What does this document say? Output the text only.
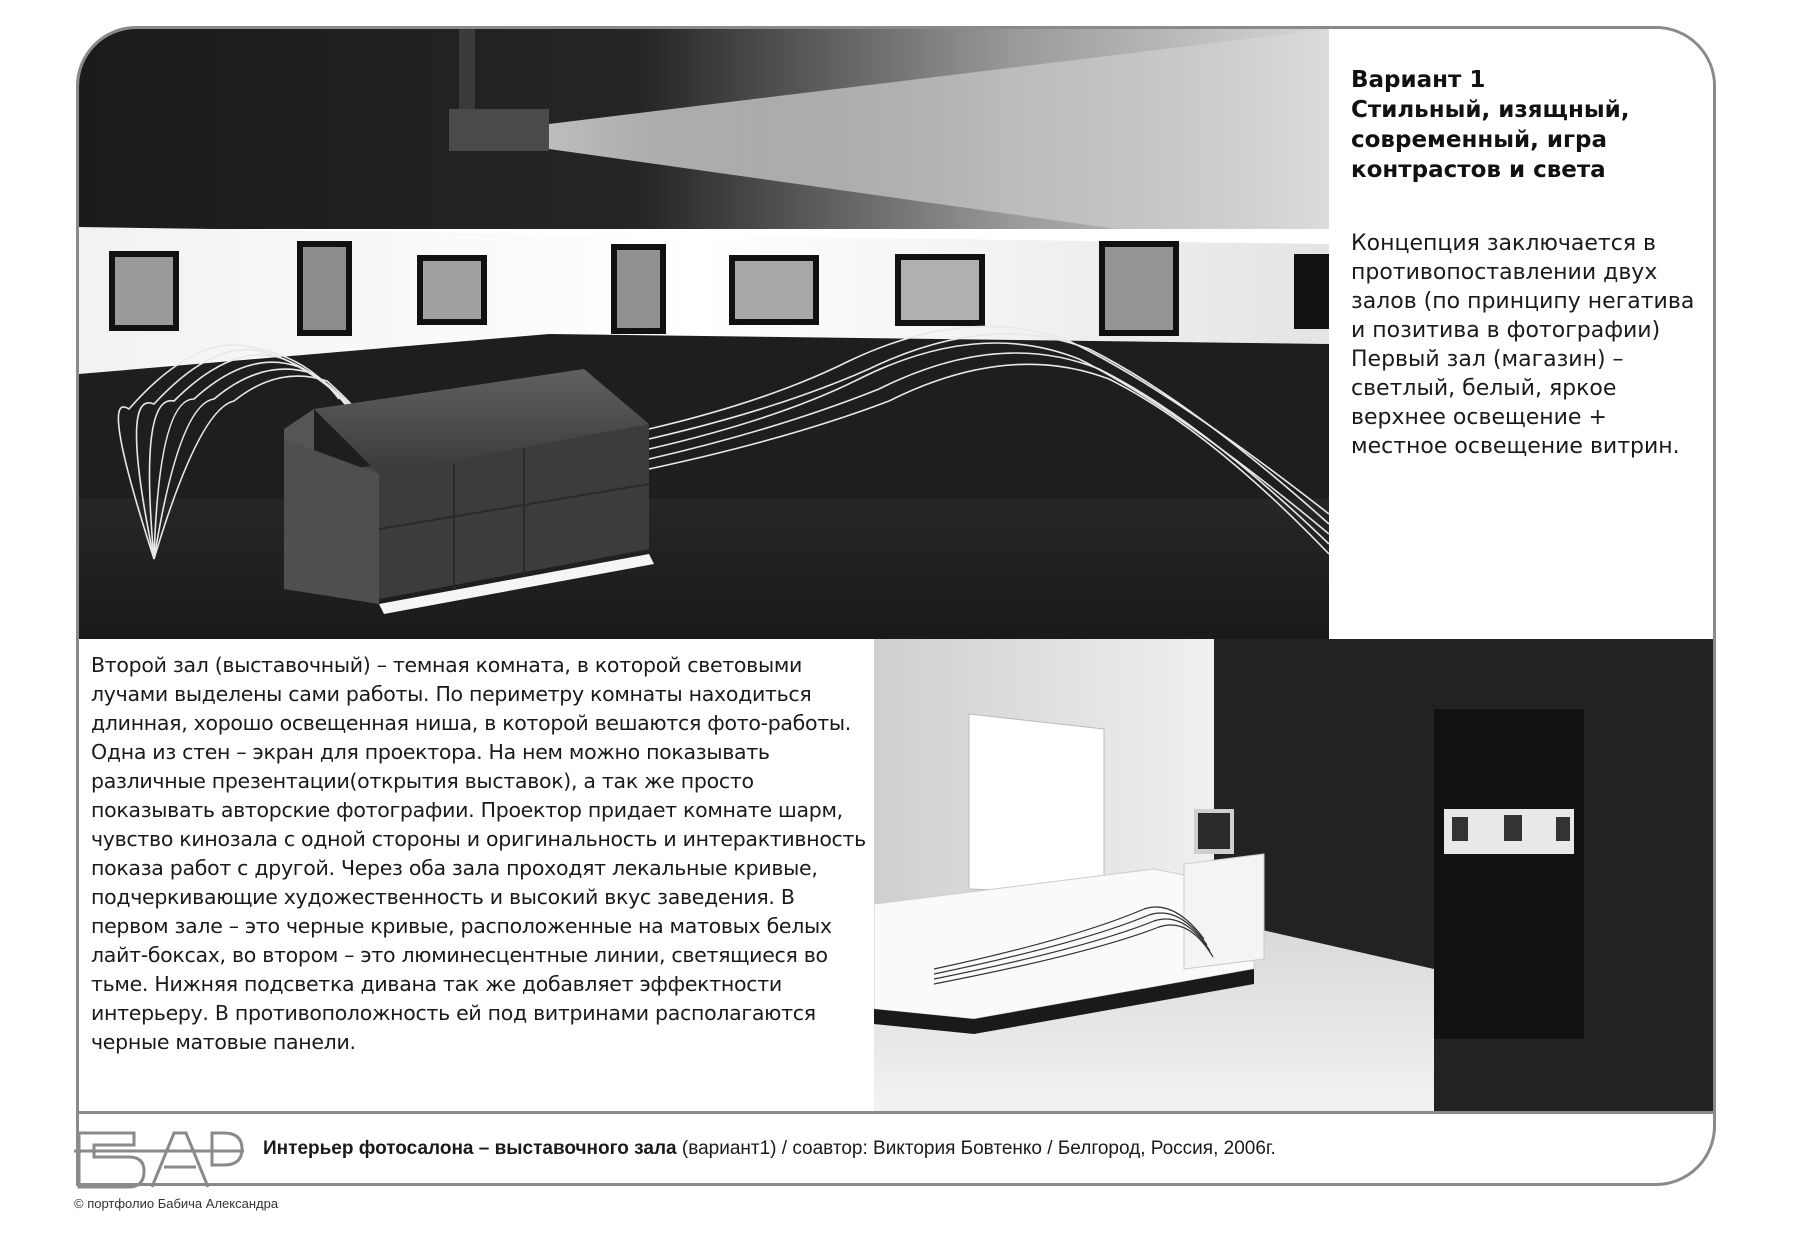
Вариант 1
Стильный, изящный,
современный, игра
контрастов и света

Концепция заключается в противопоставлении двух залов (по принципу негатива и позитива в фотографии) Первый зал (магазин) – светлый, белый, яркое верхнее освещение + местное освещение витрин.

Второй зал (выставочный) – темная комната, в которой световыми лучами выделены сами работы. По периметру комнаты находиться длинная, хорошо освещенная ниша, в которой вешаются фото-работы. Одна из стен – экран для проектора. На нем можно показывать различные презентации(открытия выставок), а так же просто показывать авторские фотографии. Проектор придает комнате шарм, чувство кинозала с одной стороны и оригинальность и интерактивность показа работ с другой. Через оба зала проходят лекальные кривые, подчеркивающие художественность и высокий вкус заведения. В первом зале – это черные кривые, расположенные на матовых белых лайт-боксах, во втором – это люминесцентные линии, светящиеся во тьме. Нижняя подсветка дивана так же добавляет эффектности интерьеру. В противоположность ей под витринами располагаются черные матовые панели.

Интерьер фотосалона – выставочного зала (вариант1) / соавтор: Виктория Бовтенко / Белгород, Россия, 2006г.
© портфолио Бабича Александра
